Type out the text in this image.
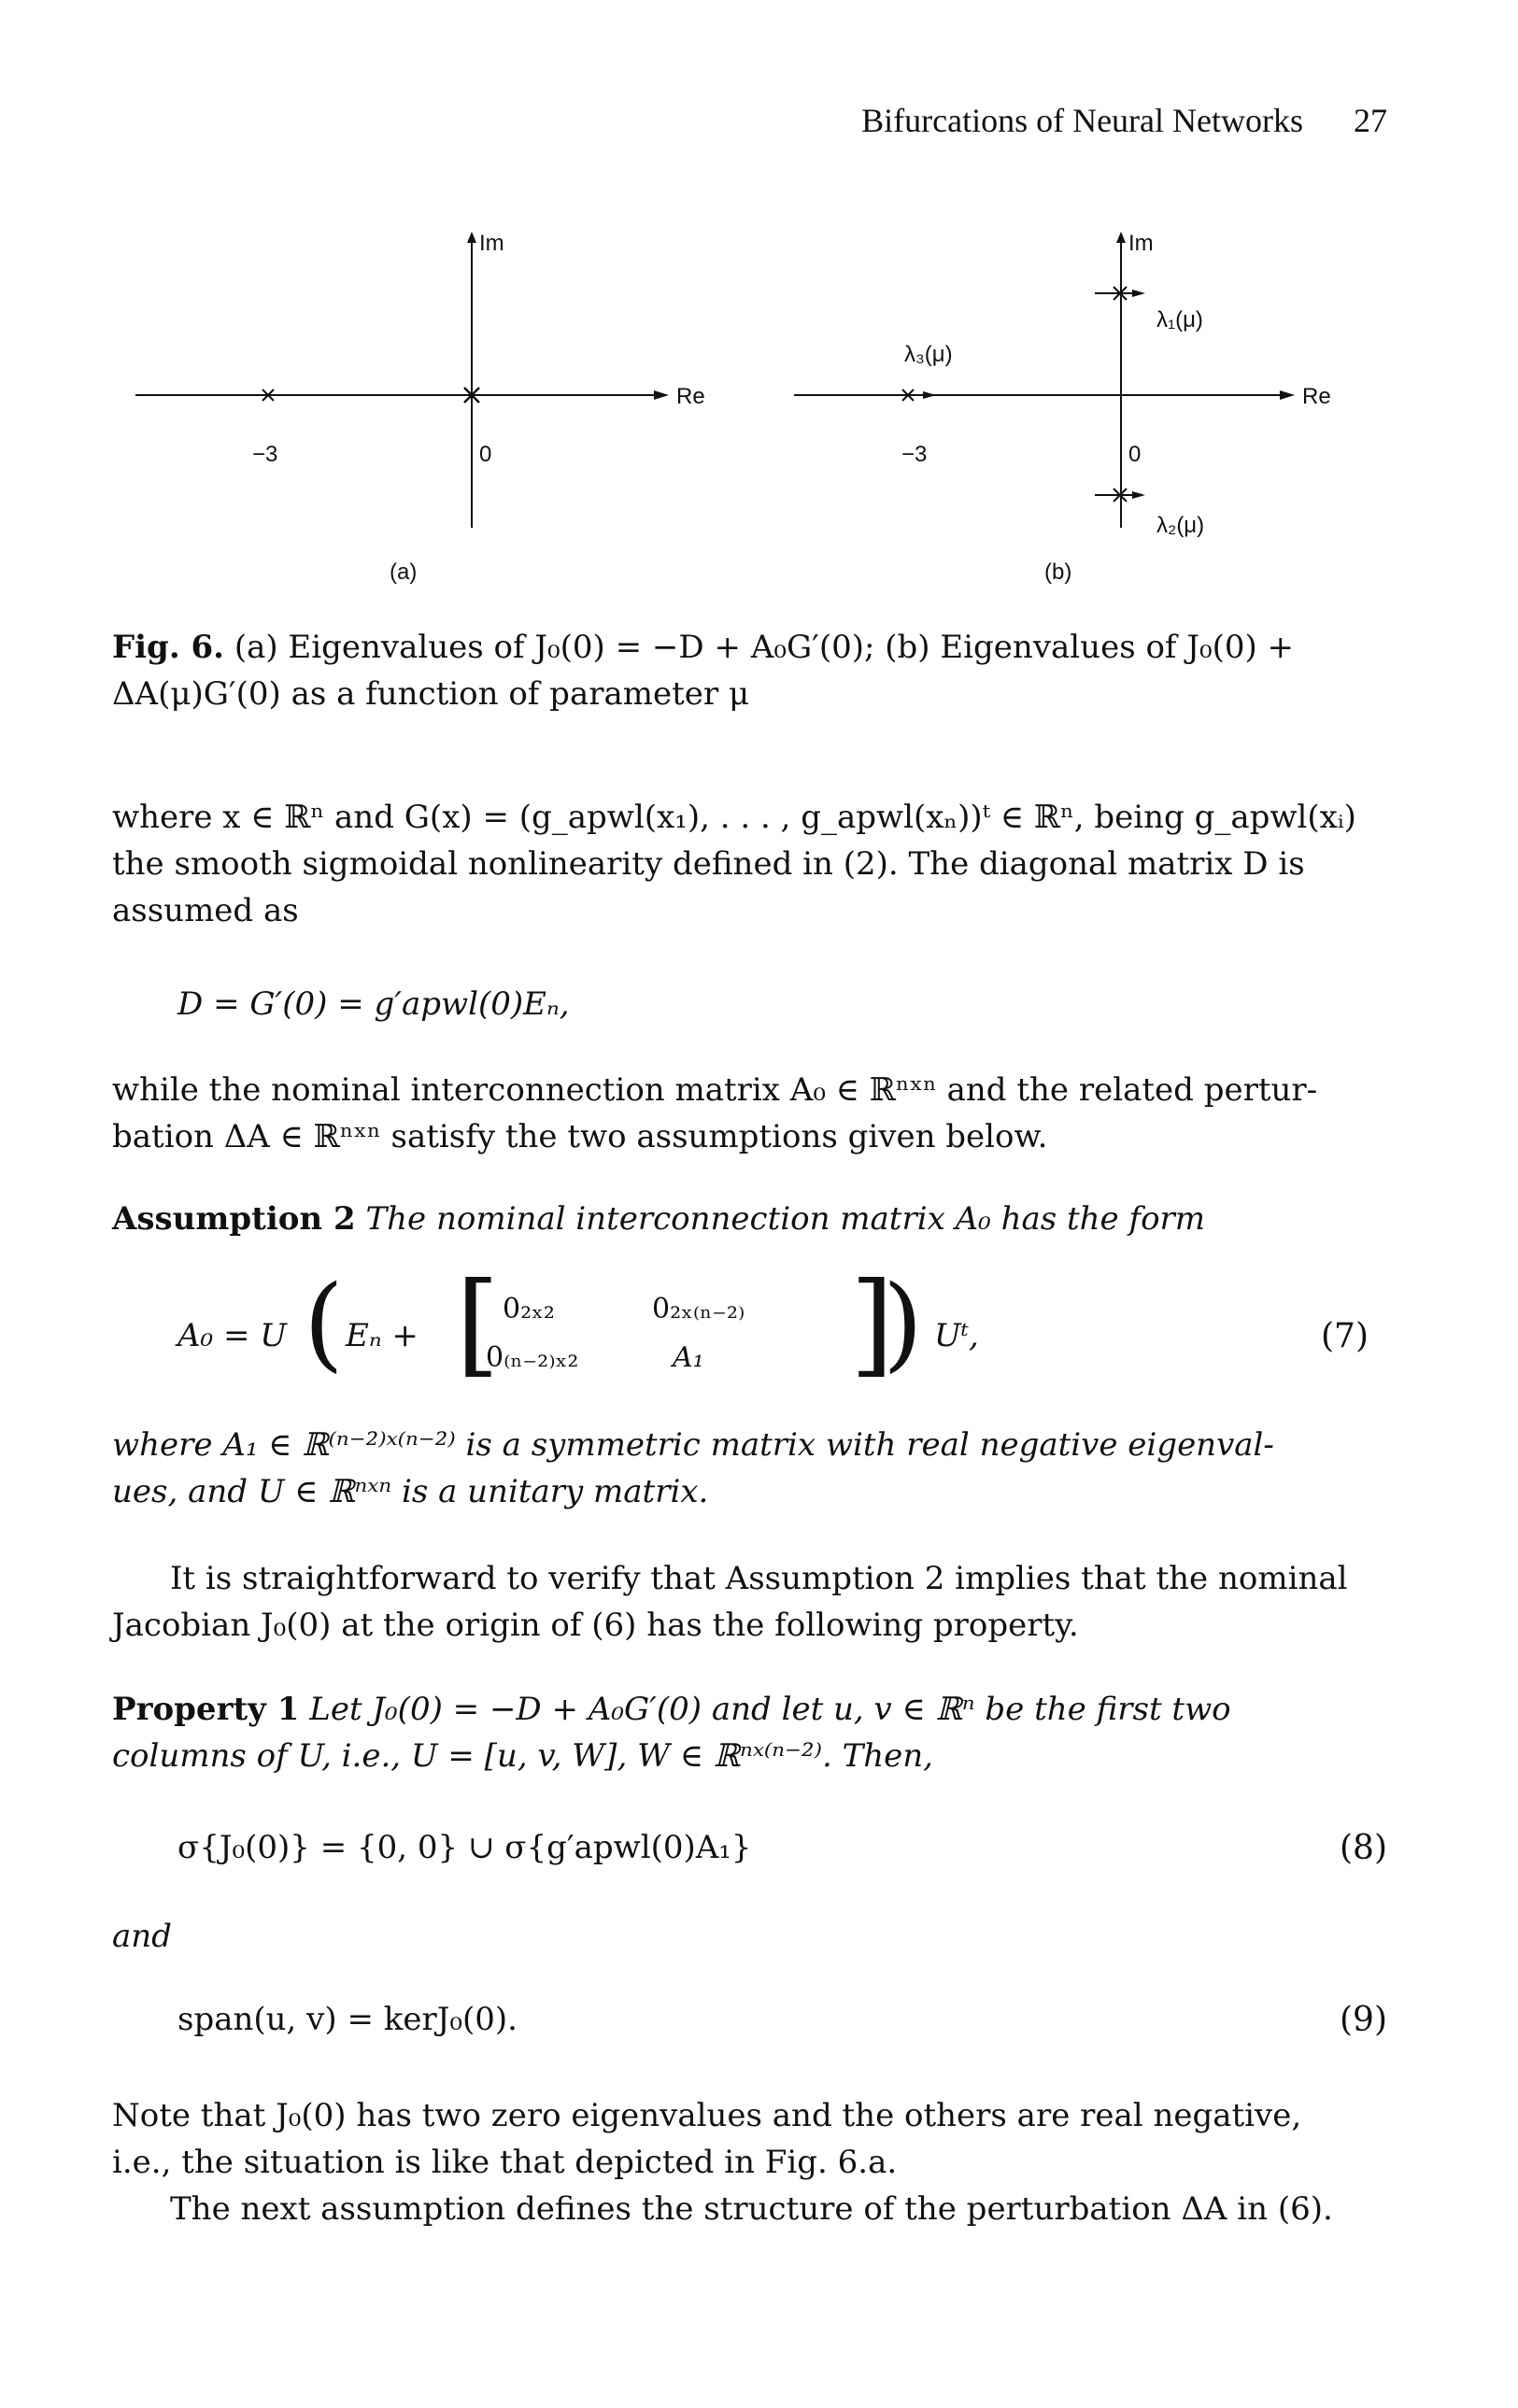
Bifurcations of Neural Networks 27
Im
Re
−3	0
(a)
Im
Re
λ₁(μ)
λ₃(μ)
λ₂(μ)
−3	0
(b)
Fig. 6. (a) Eigenvalues of J₀(0) = −D + A₀G′(0); (b) Eigenvalues of J₀(0) +
ΔA(μ)G′(0) as a function of parameter μ
where x ∈ ℝⁿ and G(x) = (g_apwl(x₁), . . . , g_apwl(xₙ))ᵗ ∈ ℝⁿ, being g_apwl(xᵢ)
the smooth sigmoidal nonlinearity defined in (2). The diagonal matrix D is
assumed as
D = G′(0) = g′apwl(0)Eₙ,
while the nominal interconnection matrix A₀ ∈ ℝⁿˣⁿ and the related pertur-
bation ΔA ∈ ℝⁿˣⁿ satisfy the two assumptions given below.
Assumption 2 The nominal interconnection matrix A₀ has the form
A₀ = U ( Eₙ + [ 0₂ₓ₂	0₂ₓ₍ₙ₋₂₎
0₍ₙ₋₂₎ₓ₂	A₁ ]
) Uᵗ,	(7)
where A₁ ∈ ℝ⁽ⁿ⁻²⁾ˣ⁽ⁿ⁻²⁾ is a symmetric matrix with real negative eigenval-
ues, and U ∈ ℝⁿˣⁿ is a unitary matrix.
It is straightforward to verify that Assumption 2 implies that the nominal
Jacobian J₀(0) at the origin of (6) has the following property.
Property 1 Let J₀(0) = −D + A₀G′(0) and let u, v ∈ ℝⁿ be the first two
columns of U, i.e., U = [u, v, W], W ∈ ℝⁿˣ⁽ⁿ⁻²⁾. Then,
σ{J₀(0)} = {0, 0} ∪ σ{g′apwl(0)A₁}	(8)
and
span(u, v) = kerJ₀(0).	(9)
Note that J₀(0) has two zero eigenvalues and the others are real negative,
i.e., the situation is like that depicted in Fig. 6.a.
The next assumption defines the structure of the perturbation ΔA in (6).
